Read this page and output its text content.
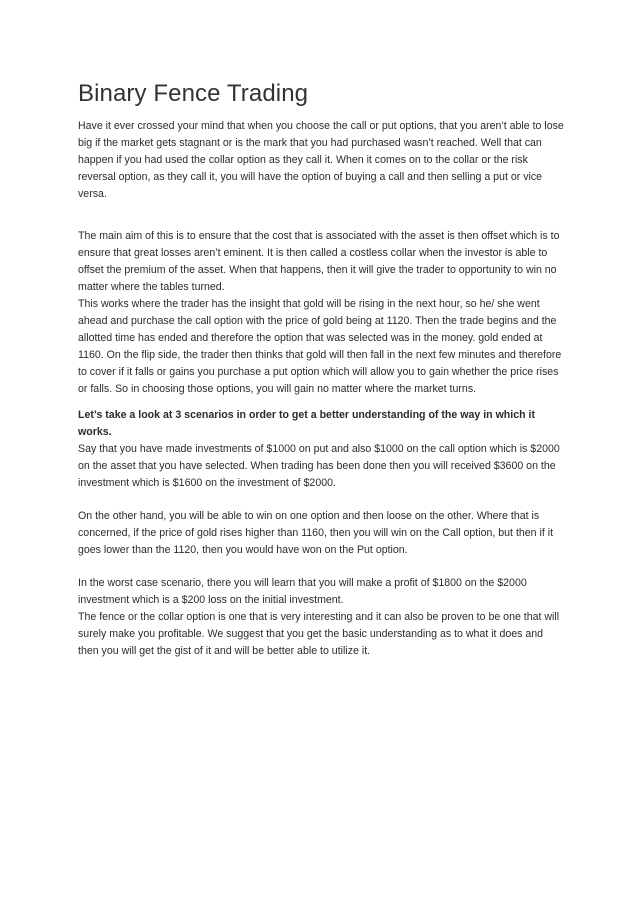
Binary Fence Trading

Have it ever crossed your mind that when you choose the call or put options, that you aren’t able to lose big if the market gets stagnant or is the mark that you had purchased wasn’t reached. Well that can happen if you had used the collar option as they call it. When it comes on to the collar or the risk reversal option, as they call it, you will have the option of buying a call and then selling a put or vice versa.

The main aim of this is to ensure that the cost that is associated with the asset is then offset which is to ensure that great losses aren’t eminent. It is then called a costless collar when the investor is able to offset the premium of the asset. When that happens, then it will give the trader to opportunity to win no matter where the tables turned.

This works where the trader has the insight that gold will be rising in the next hour, so he/ she went ahead and purchase the call option with the price of gold being at 1120. Then the trade begins and the allotted time has ended and therefore the option that was selected was in the money. gold ended at 1160. On the flip side, the trader then thinks that gold will then fall in the next few minutes and therefore to cover if it falls or gains you purchase a put option which will allow you to gain whether the price rises or falls. So in choosing those options, you will gain no matter where the market turns.

Let’s take a look at 3 scenarios in order to get a better understanding of the way in which it works.

Say that you have made investments of $1000 on put and also $1000 on the call option which is $2000 on the asset that you have selected. When trading has been done then you will received $3600 on the investment which is $1600 on the investment of $2000.

On the other hand, you will be able to win on one option and then loose on the other. Where that is concerned, if the price of gold rises higher than 1160, then you will win on the Call option, but then if it goes lower than the 1120, then you would have won on the Put option.

In the worst case scenario, there you will learn that you will make a profit of $1800 on the $2000 investment which is a $200 loss on the initial investment.

The fence or the collar option is one that is very interesting and it can also be proven to be one that will surely make you profitable. We suggest that you get the basic understanding as to what it does and then you will get the gist of it and will be better able to utilize it.
